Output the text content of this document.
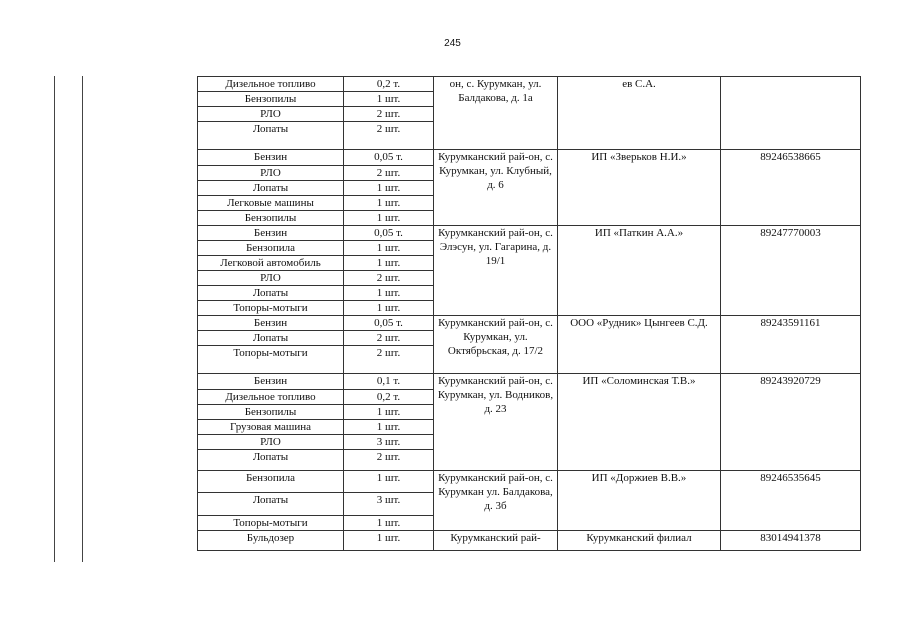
245
Дизельное топливо	0,2 т.	он, с. Курумкан, ул. Балдакова, д. 1а	ев С.А.	
Бензопилы	1 шт.			
РЛО	2 шт.			
Лопаты	2 шт.			
Бензин	0,05 т.	Курумканский рай-он, с. Курумкан, ул. Клубный, д. 6	ИП «Зверьков Н.И.»	89246538665
РЛО	2 шт.			
Лопаты	1 шт.			
Легковые машины	1 шт.			
Бензопилы	1 шт.			
Бензин	0,05 т.	Курумканский рай-он, с. Элэсун, ул. Гагарина, д. 19/1	ИП «Паткин А.А.»	89247770003
Бензопила	1 шт.			
Легковой автомобиль	1 шт.			
РЛО	2 шт.			
Лопаты	1 шт.			
Топоры-мотыги	1 шт.			
Бензин	0,05 т.	Курумканский рай-он, с. Курумкан, ул. Октябрьская, д. 17/2	ООО «Рудник» Цынгеев С.Д.	89243591161
Лопаты	2 шт.			
Топоры-мотыги	2 шт.			
Бензин	0,1 т.	Курумканский рай-он, с. Курумкан, ул. Водников, д. 23	ИП «Соломинская Т.В.»	89243920729
Дизельное топливо	0,2 т.			
Бензопилы	1 шт.			
Грузовая машина	1 шт.			
РЛО	3 шт.			
Лопаты	2 шт.			
Бензопила	1 шт.	Курумканский рай-он, с. Курумкан ул. Балдакова, д. 3б	ИП «Доржиев В.В.»	89246535645
Лопаты	3 шт.			
Топоры-мотыги	1 шт.			
Бульдозер	1 шт.	Курумканский рай-	Курумканский филиал	83014941378
